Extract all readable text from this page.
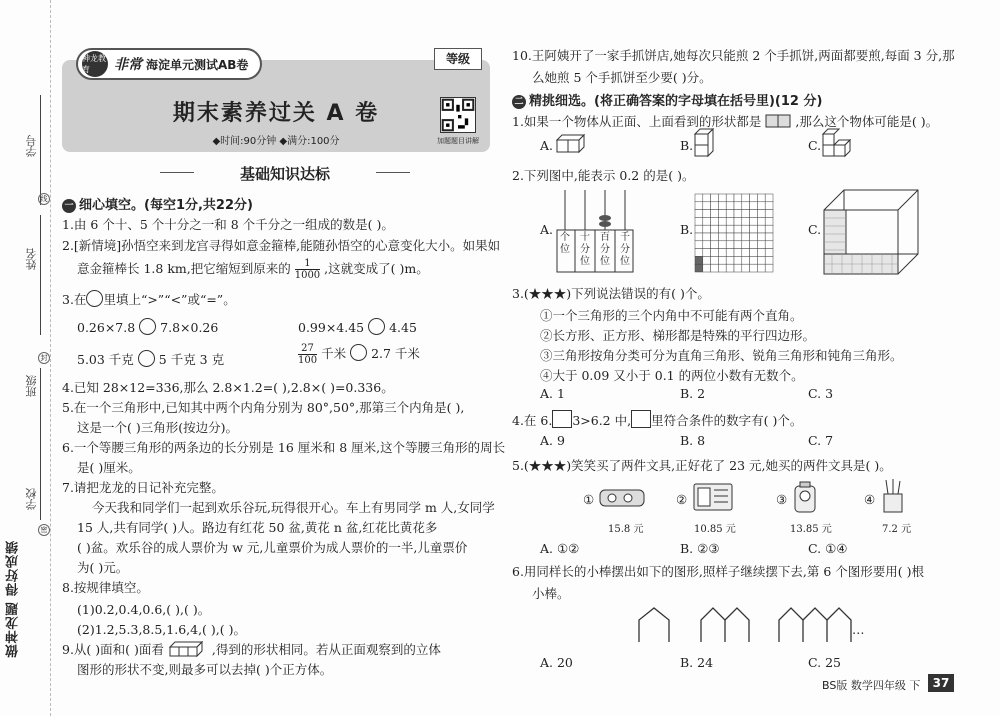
学号
线
姓名
封
班级
学校
密
做神龙题 得好成绩
期末素养过关 A 卷
◆时间:90分钟 ◆满分:100分
神龙教育	非常 海淀单元测试AB卷	等级
加题题目讲解
基础知识达标
一 细心填空。(每空1分,共22分)
1.由 6 个十、5 个十分之一和 8 个千分之一组成的数是( )。
2.[新情境]孙悟空来到龙宫寻得如意金箍棒,能随孙悟空的心意变化大小。如果如
意金箍棒长 1.8 km,把它缩短到原来的 $\frac{1}{1000}$ ,这就变成了( )m。
3.在 里填上“>”“<”或“=”。
0.26×7.8 7.8×0.26	0.99×4.45 4.45
5.03 千克 5 千克 3 克	$\frac{27}{100}$ 千米 2.7 千米
4.已知 28×12=336,那么 2.8×1.2=( ),2.8×( )=0.336。
5.在一个三角形中,已知其中两个内角分别为 80°,50°,那第三个内角是( ),
这是一个( )三角形(按边分)。
6.一个等腰三角形的两条边的长分别是 16 厘米和 8 厘米,这个等腰三角形的周长
是( )厘米。
7.请把龙龙的日记补充完整。
今天我和同学们一起到欢乐谷玩,玩得很开心。车上有男同学 m 人,女同学
15 人,共有同学( )人。路边有红花 50 盆,黄花 n 盆,红花比黄花多
( )盆。欢乐谷的成人票价为 w 元,儿童票价为成人票价的一半,儿童票价
为( )元。
8.按规律填空。
(1)0.2,0.4,0.6,( ),( )。
(2)1.2,5.3,8.5,1.6,4,( ),( )。
9.从( )面和( )面看	,得到的形状相同。若从正面观察到的立体
图形的形状不变,则最多可以去掉( )个正方体。
10.王阿姨开了一家手抓饼店,她每次只能煎 2 个手抓饼,两面都要煎,每面 3 分,那
么她煎 5 个手抓饼至少要( )分。
二 精挑细选。(将正确答案的字母填在括号里)(12 分)
1.如果一个物体从正面、上面看到的形状都是	,那么这个物体可能是( )。
A.	B.	C.
2.下列图中,能表示 0.2 的是( )。
A.
个位
十分位
百分位
千分位
B.	C.
3.(★★★)下列说法错误的有( )个。
①一个三角形的三个内角中不可能有两个直角。
②长方形、正方形、梯形都是特殊的平行四边形。
③三角形按角分类可分为直角三角形、锐角三角形和钝角三角形。
④大于 0.09 又小于 0.1 的两位小数有无数个。
A. 1	B. 2	C. 3
4.在 6. 3>6.2 中, 里符合条件的数字有( )个。
A. 9	B. 8	C. 7
5.(★★★)笑笑买了两件文具,正好花了 23 元,她买的两件文具是( )。
①
15.8 元
②
10.85 元
③
13.85 元
④
7.2 元
A. ①②	B. ②③	C. ①④
6.用同样长的小棒摆出如下的图形,照样子继续摆下去,第 6 个图形要用( )根
小棒。
…
A. 20	B. 24	C. 25
BS版 数学四年级 下	37
